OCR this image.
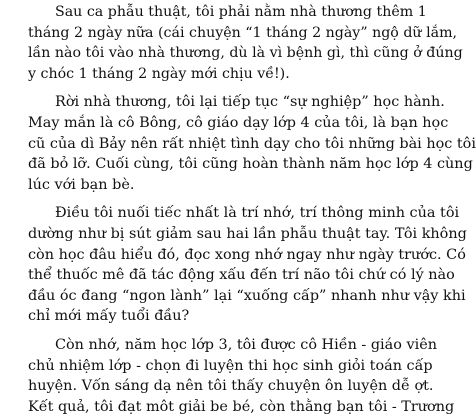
Sau ca phẫu thuật, tôi phải nằm nhà thương thêm 1
tháng 2 ngày nữa (cái chuyện “1 tháng 2 ngày” ngộ dữ lắm,
lần nào tôi vào nhà thương, dù là vì bệnh gì, thì cũng ở đúng
y chóc 1 tháng 2 ngày mới chịu về!).
Rời nhà thương, tôi lại tiếp tục “sự nghiệp” học hành.
May mắn là cô Bông, cô giáo dạy lớp 4 của tôi, là bạn học
cũ của dì Bảy nên rất nhiệt tình dạy cho tôi những bài học tôi
đã bỏ lỡ. Cuối cùng, tôi cũng hoàn thành năm học lớp 4 cùng
lúc với bạn bè.
Điều tôi nuối tiếc nhất là trí nhớ, trí thông minh của tôi
dường như bị sút giảm sau hai lần phẫu thuật tay. Tôi không
còn học đâu hiểu đó, đọc xong nhớ ngay như ngày trước. Có
thể thuốc mê đã tác động xấu đến trí não tôi chứ có lý nào
đầu óc đang “ngon lành” lại “xuống cấp” nhanh như vậy khi
chỉ mới mấy tuổi đầu?
Còn nhớ, năm học lớp 3, tôi được cô Hiền - giáo viên
chủ nhiệm lớp - chọn đi luyện thi học sinh giỏi toán cấp
huyện. Vốn sáng dạ nên tôi thấy chuyện ôn luyện dễ ợt.
Kết quả, tôi đạt môt giải be bé, còn thằng bạn tôi - Trương
